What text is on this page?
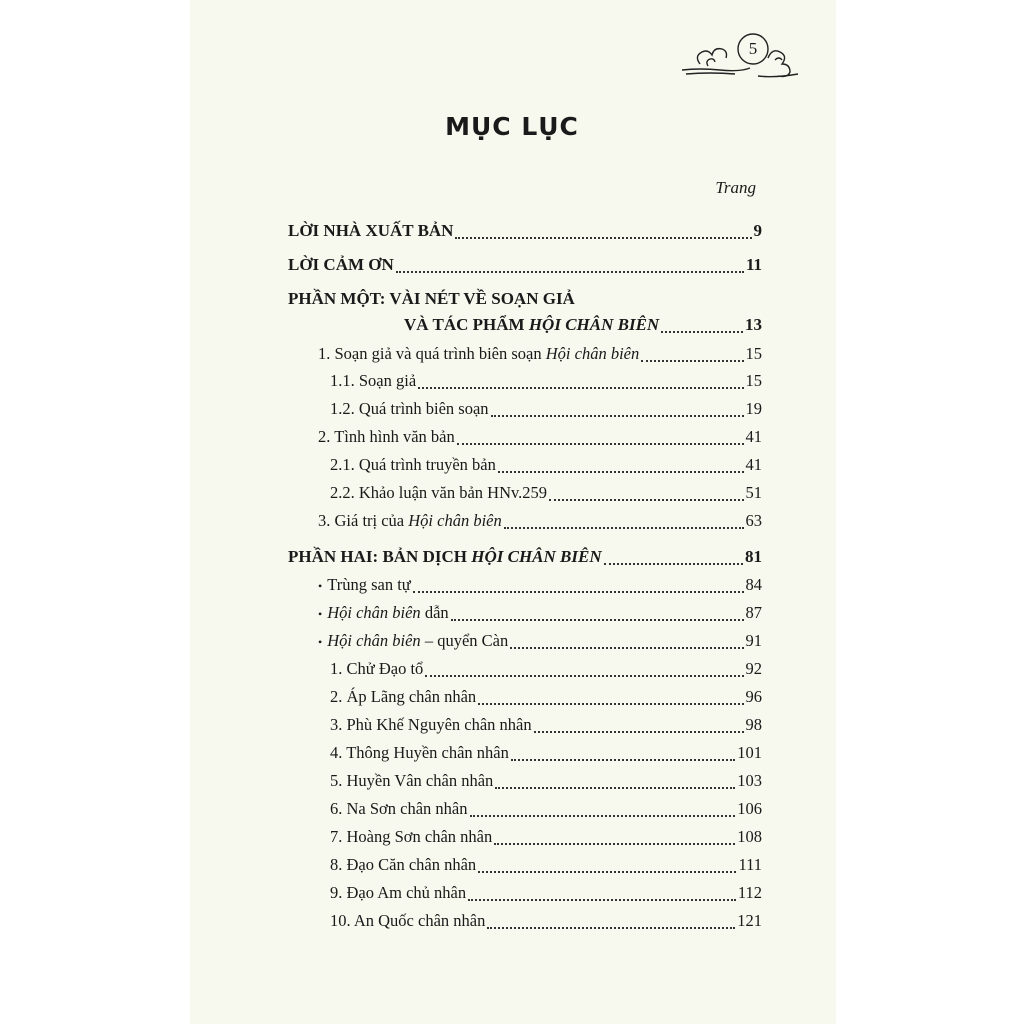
5
MỤC LỤC
Trang
LỜI NHÀ XUẤT BẢN	9
LỜI CẢM ƠN	11
PHẦN MỘT: VÀI NÉT VỀ SOẠN GIẢ
VÀ TÁC PHẨM HỘI CHÂN BIÊN	13
1. Soạn giả và quá trình biên soạn Hội chân biên	15
1.1. Soạn giả	15
1.2. Quá trình biên soạn	19
2. Tình hình văn bản	41
2.1. Quá trình truyền bản	41
2.2. Khảo luận văn bản HNv.259	51
3. Giá trị của Hội chân biên	63
PHẦN HAI: BẢN DỊCH HỘI CHÂN BIÊN	81
• Trùng san tự	84
• Hội chân biên dẫn	87
• Hội chân biên – quyển Càn	91
1. Chử Đạo tổ	92
2. Áp Lãng chân nhân	96
3. Phù Khế Nguyên chân nhân	98
4. Thông Huyền chân nhân	101
5. Huyền Vân chân nhân	103
6. Na Sơn chân nhân	106
7. Hoàng Sơn chân nhân	108
8. Đạo Căn chân nhân	111
9. Đạo Am chủ nhân	112
10. An Quốc chân nhân	121
